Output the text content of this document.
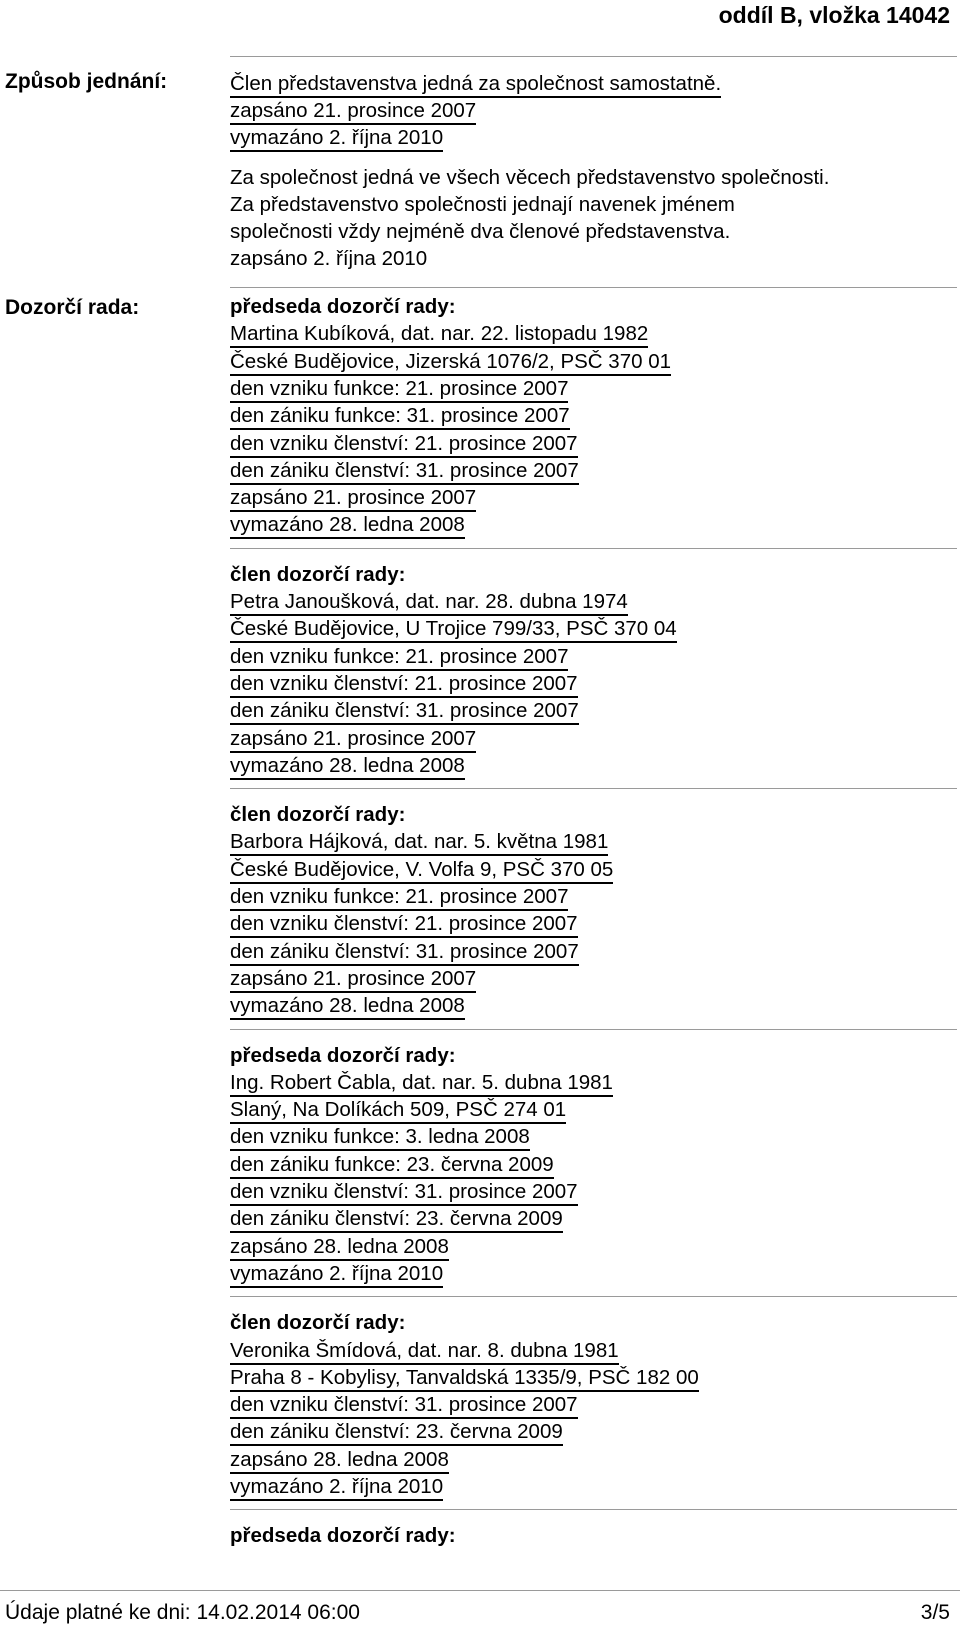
oddíl B, vložka 14042
Způsob jednání:	Člen představenstva jedná za společnost samostatně.
zapsáno 21. prosince 2007
vymazáno 2. října 2010
Za společnost jedná ve všech věcech představenstvo společnosti.
Za představenstvo společnosti jednají navenek jménem
společnosti vždy nejméně dva členové představenstva.
zapsáno 2. října 2010
Dozorčí rada:	předseda dozorčí rady:
Martina Kubíková, dat. nar. 22. listopadu 1982
České Budějovice, Jizerská 1076/2, PSČ 370 01
den vzniku funkce: 21. prosince 2007
den zániku funkce: 31. prosince 2007
den vzniku členství: 21. prosince 2007
den zániku členství: 31. prosince 2007
zapsáno 21. prosince 2007
vymazáno 28. ledna 2008
člen dozorčí rady:
Petra Janoušková, dat. nar. 28. dubna 1974
České Budějovice, U Trojice 799/33, PSČ 370 04
den vzniku funkce: 21. prosince 2007
den vzniku členství: 21. prosince 2007
den zániku členství: 31. prosince 2007
zapsáno 21. prosince 2007
vymazáno 28. ledna 2008
člen dozorčí rady:
Barbora Hájková, dat. nar. 5. května 1981
České Budějovice, V. Volfa 9, PSČ 370 05
den vzniku funkce: 21. prosince 2007
den vzniku členství: 21. prosince 2007
den zániku členství: 31. prosince 2007
zapsáno 21. prosince 2007
vymazáno 28. ledna 2008
předseda dozorčí rady:
Ing. Robert Čabla, dat. nar. 5. dubna 1981
Slaný, Na Dolíkách 509, PSČ 274 01
den vzniku funkce: 3. ledna 2008
den zániku funkce: 23. června 2009
den vzniku členství: 31. prosince 2007
den zániku členství: 23. června 2009
zapsáno 28. ledna 2008
vymazáno 2. října 2010
člen dozorčí rady:
Veronika Šmídová, dat. nar. 8. dubna 1981
Praha 8 - Kobylisy, Tanvaldská 1335/9, PSČ 182 00
den vzniku členství: 31. prosince 2007
den zániku členství: 23. června 2009
zapsáno 28. ledna 2008
vymazáno 2. října 2010
předseda dozorčí rady:
Údaje platné ke dni: 14.02.2014 06:00	3/5
